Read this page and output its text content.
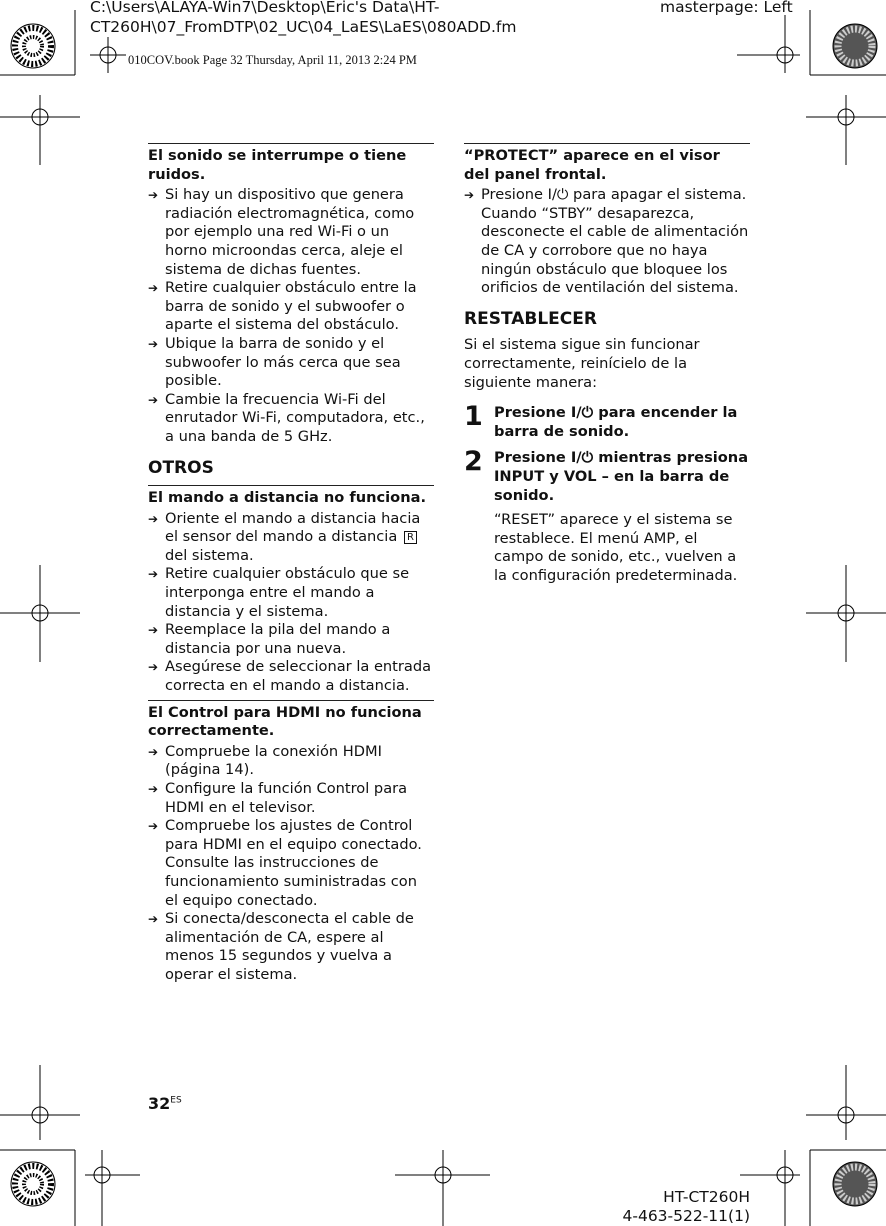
C:\Users\ALAYA-Win7\Desktop\Eric's Data\HT-
CT260H\07_FromDTP\02_UC\04_LaES\LaES\080ADD.fm
masterpage: Left
010COV.book Page 32 Thursday, April 11, 2013 2:24 PM
El sonido se interrumpe o tiene ruidos.
➔ Si hay un dispositivo que genera radiación electromagnética, como por ejemplo una red Wi-Fi o un horno microondas cerca, aleje el sistema de dichas fuentes.
➔ Retire cualquier obstáculo entre la barra de sonido y el subwoofer o aparte el sistema del obstáculo.
➔ Ubique la barra de sonido y el subwoofer lo más cerca que sea posible.
➔ Cambie la frecuencia Wi-Fi del enrutador Wi-Fi, computadora, etc., a una banda de 5 GHz.
OTROS
El mando a distancia no funciona.
➔ Oriente el mando a distancia hacia el sensor del mando a distancia R del sistema.
➔ Retire cualquier obstáculo que se interponga entre el mando a distancia y el sistema.
➔ Reemplace la pila del mando a distancia por una nueva.
➔ Asegúrese de seleccionar la entrada correcta en el mando a distancia.
El Control para HDMI no funciona correctamente.
➔ Compruebe la conexión HDMI (página 14).
➔ Configure la función Control para HDMI en el televisor.
➔ Compruebe los ajustes de Control para HDMI en el equipo conectado. Consulte las instrucciones de funcionamiento suministradas con el equipo conectado.
➔ Si conecta/desconecta el cable de alimentación de CA, espere al menos 15 segundos y vuelva a operar el sistema.
“PROTECT” aparece en el visor del panel frontal.
➔ Presione I/⏻ para apagar el sistema. Cuando “STBY” desaparezca, desconecte el cable de alimentación de CA y corrobore que no haya ningún obstáculo que bloquee los orificios de ventilación del sistema.
RESTABLECER
Si el sistema sigue sin funcionar correctamente, reinícielo de la siguiente manera:
1 Presione I/⏻ para encender la barra de sonido.
2 Presione I/⏻ mientras presiona INPUT y VOL – en la barra de sonido.
“RESET” aparece y el sistema se restablece. El menú AMP, el campo de sonido, etc., vuelven a la configuración predeterminada.
$32^{ES}$
HT-CT260H
4-463-522-11(1)
